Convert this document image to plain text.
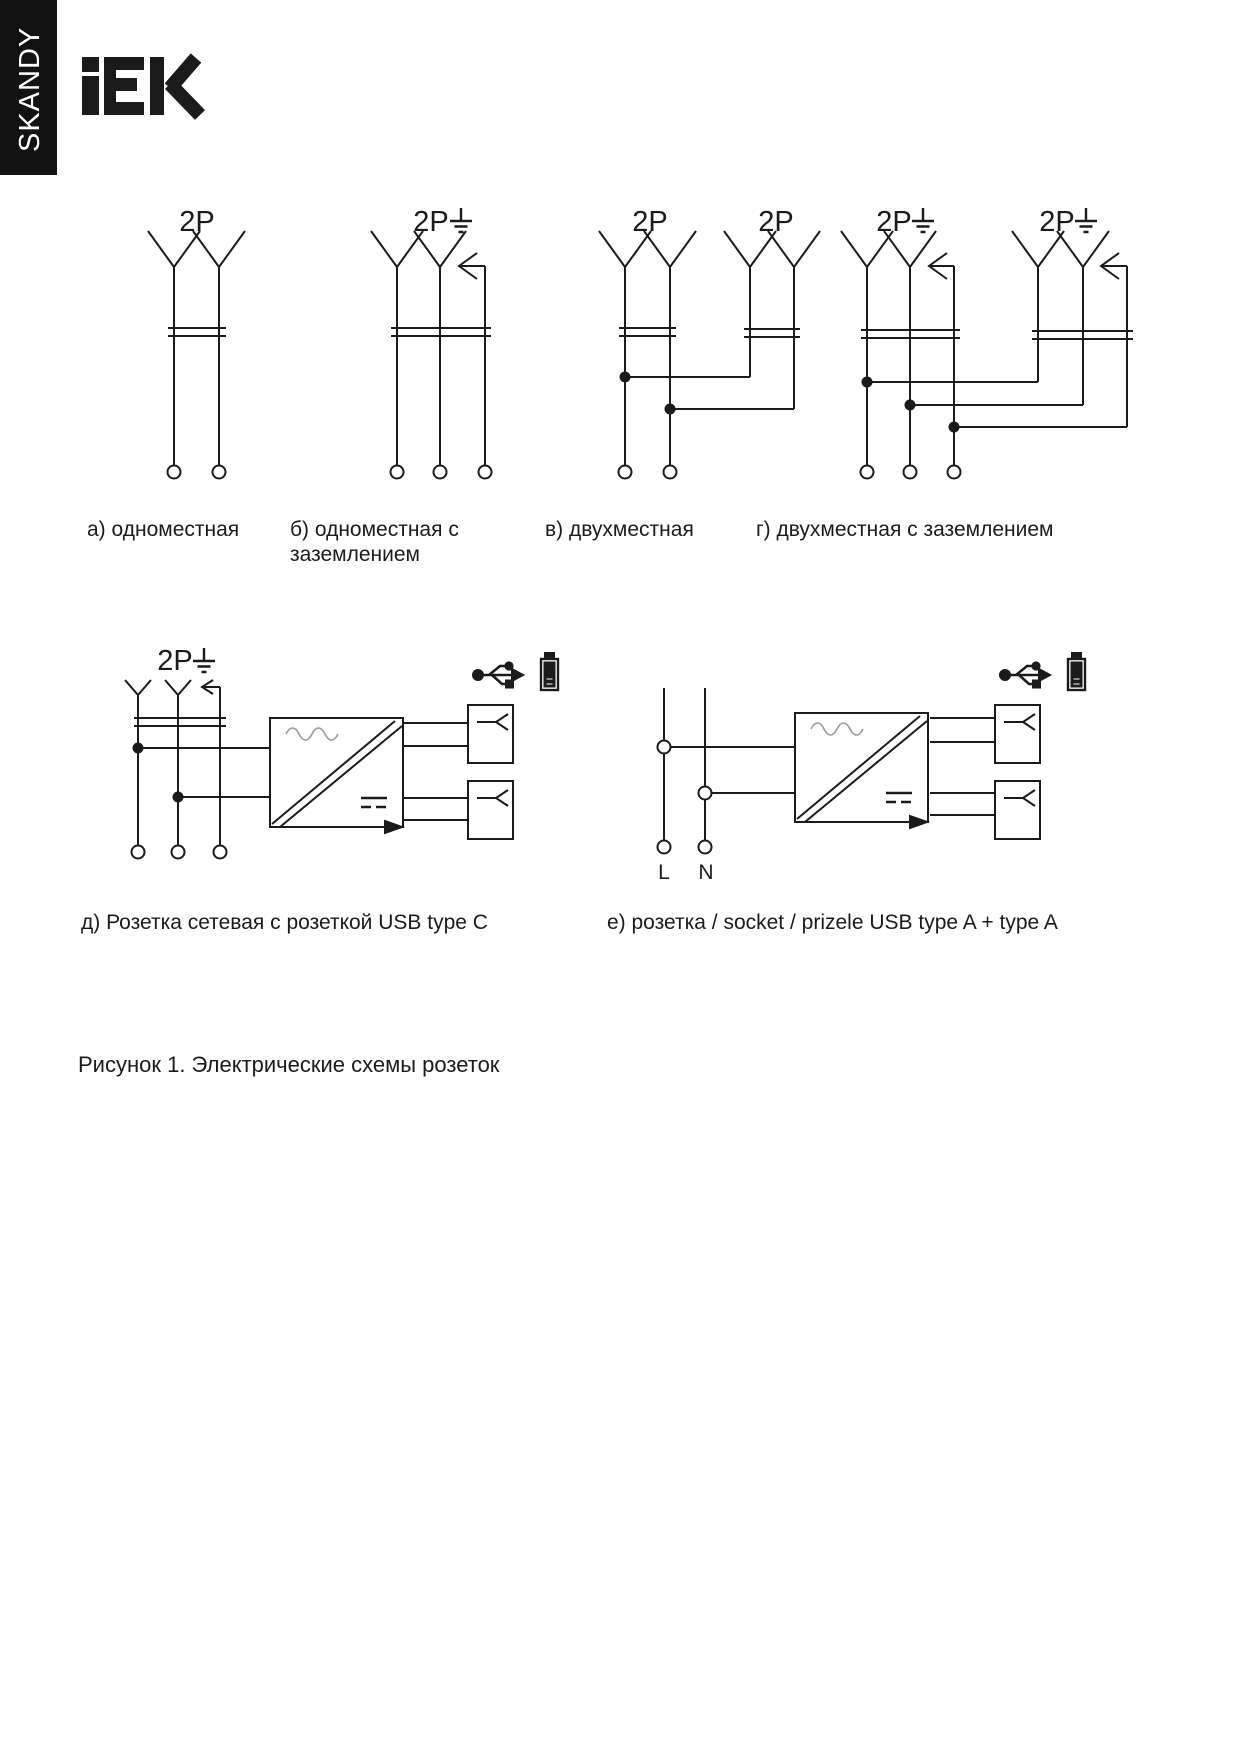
SKANDY
2P
а) одноместная
2P
б) одноместная с
заземлением
2P	2P
в) двухместная
2P	2P
г) двухместная с заземлением
2P
д) Розетка сетевая с розеткой USB type C
L N
е) розетка / socket / prizele USB type A + type A
Рисунок 1. Электрические схемы розеток
